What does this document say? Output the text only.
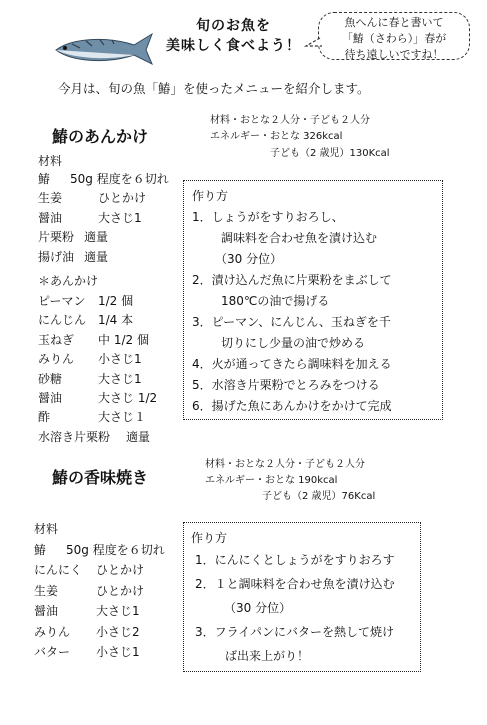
旬のお魚を
美味しく食べよう！
魚へんに春と書いて
「鰆（さわら）」春が
待ち遠しいですね！
今月は、旬の魚「鰆」を使ったメニューを紹介します。
鰆のあんかけ
材料・おとな２人分・子ども２人分
エネルギー・おとな 326kcal
子ども（2 歳児）130Kcal
材料
鰆	50g 程度を６切れ
生姜	ひとかけ
醤油	大さじ1
片栗粉 適量
揚げ油 適量
＊あんかけ
ピーマン	1/2 個
にんじん 1/4 本
玉ねぎ	中 1/2 個
みりん	小さじ1
砂糖	大さじ1
醤油	大さじ 1/2
酢	大さじ１
水溶き片栗粉	適量
作り方
1．しょうがをすりおろし、
調味料を合わせ魚を漬け込む
（30 分位）
2．漬け込んだ魚に片栗粉をまぶして
180℃の油で揚げる
3．ピーマン、にんじん、玉ねぎを千
切りにし少量の油で炒める
4．火が通ってきたら調味料を加える
5．水溶き片栗粉でとろみをつける
6．揚げた魚にあんかけをかけて完成
鰆の香味焼き
材料・おとな２人分・子ども２人分
エネルギー・おとな 190kcal
子ども（2 歳児）76Kcal
材料
鰆	50g 程度を６切れ
にんにく	ひとかけ
生姜	ひとかけ
醤油	大さじ1
みりん	小さじ2
バター	小さじ1
作り方
1．にんにくとしょうがをすりおろす
2．１と調味料を合わせ魚を漬け込む
（30 分位）
3．フライパンにバターを熱して焼け
ば出来上がり！
